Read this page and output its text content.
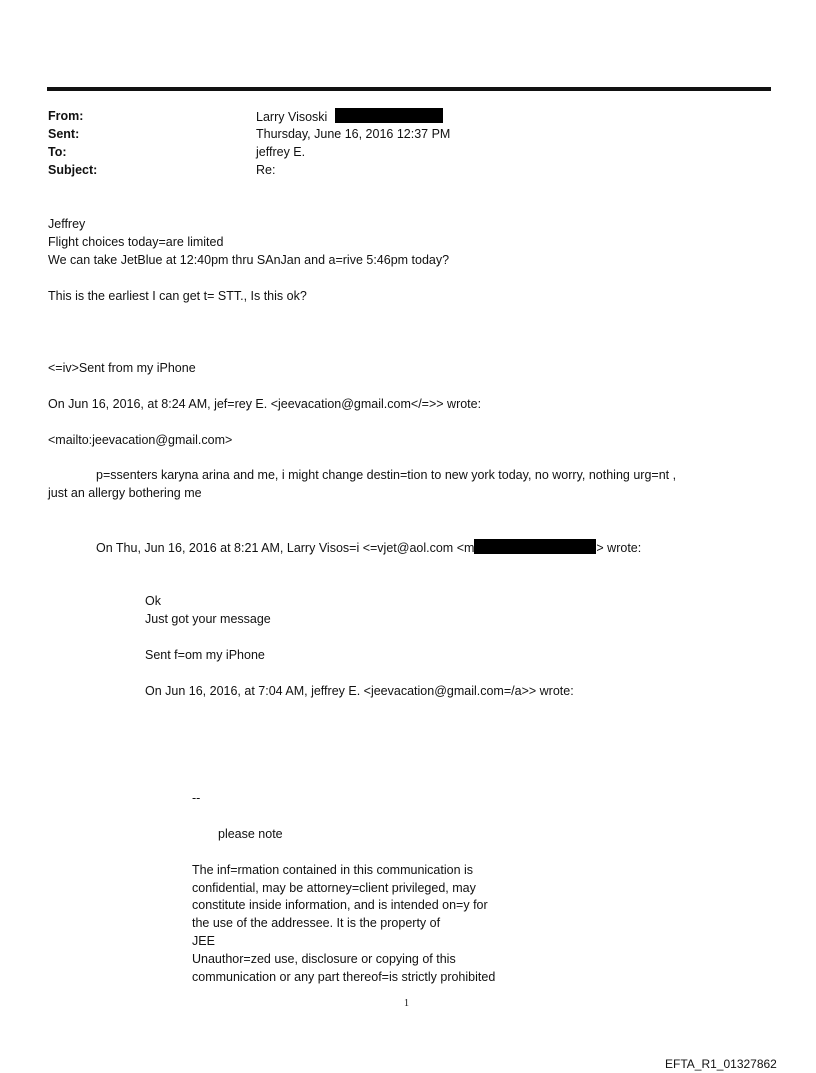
From:	Larry Visoski
Sent:	Thursday, June 16, 2016 12:37 PM
To:	jeffrey E.
Subject:	Re:
Jeffrey
Flight choices today=are limited
We can take JetBlue at 12:40pm thru SAnJan and a=rive 5:46pm today?
This is the earliest I can get t= STT., Is this ok?
<=iv>Sent from my iPhone
On Jun 16, 2016, at 8:24 AM, jef=rey E. <jeevacation@gmail.com</=>> wrote:
<mailto:jeevacation@gmail.com>
p=ssenters karyna arina and me, i might change destin=tion to new york today, no worry, nothing urg=nt ,
just an allergy bothering me
On Thu, Jun 16, 2016 at 8:21 AM, Larry Visos=i <=vjet@aol.com <m	> wrote:
Ok
Just got your message
Sent f=om my iPhone
On Jun 16, 2016, at 7:04 AM, jeffrey E. <jeevacation@gmail.com=/a>> wrote:
--
please note
The inf=rmation contained in this communication is
confidential, may be attorney=client privileged, may
constitute inside information, and is intended on=y for
the use of the addressee. It is the property of
JEE
Unauthor=zed use, disclosure or copying of this
communication or any part thereof=is strictly prohibited
1
EFTA_R1_01327862
